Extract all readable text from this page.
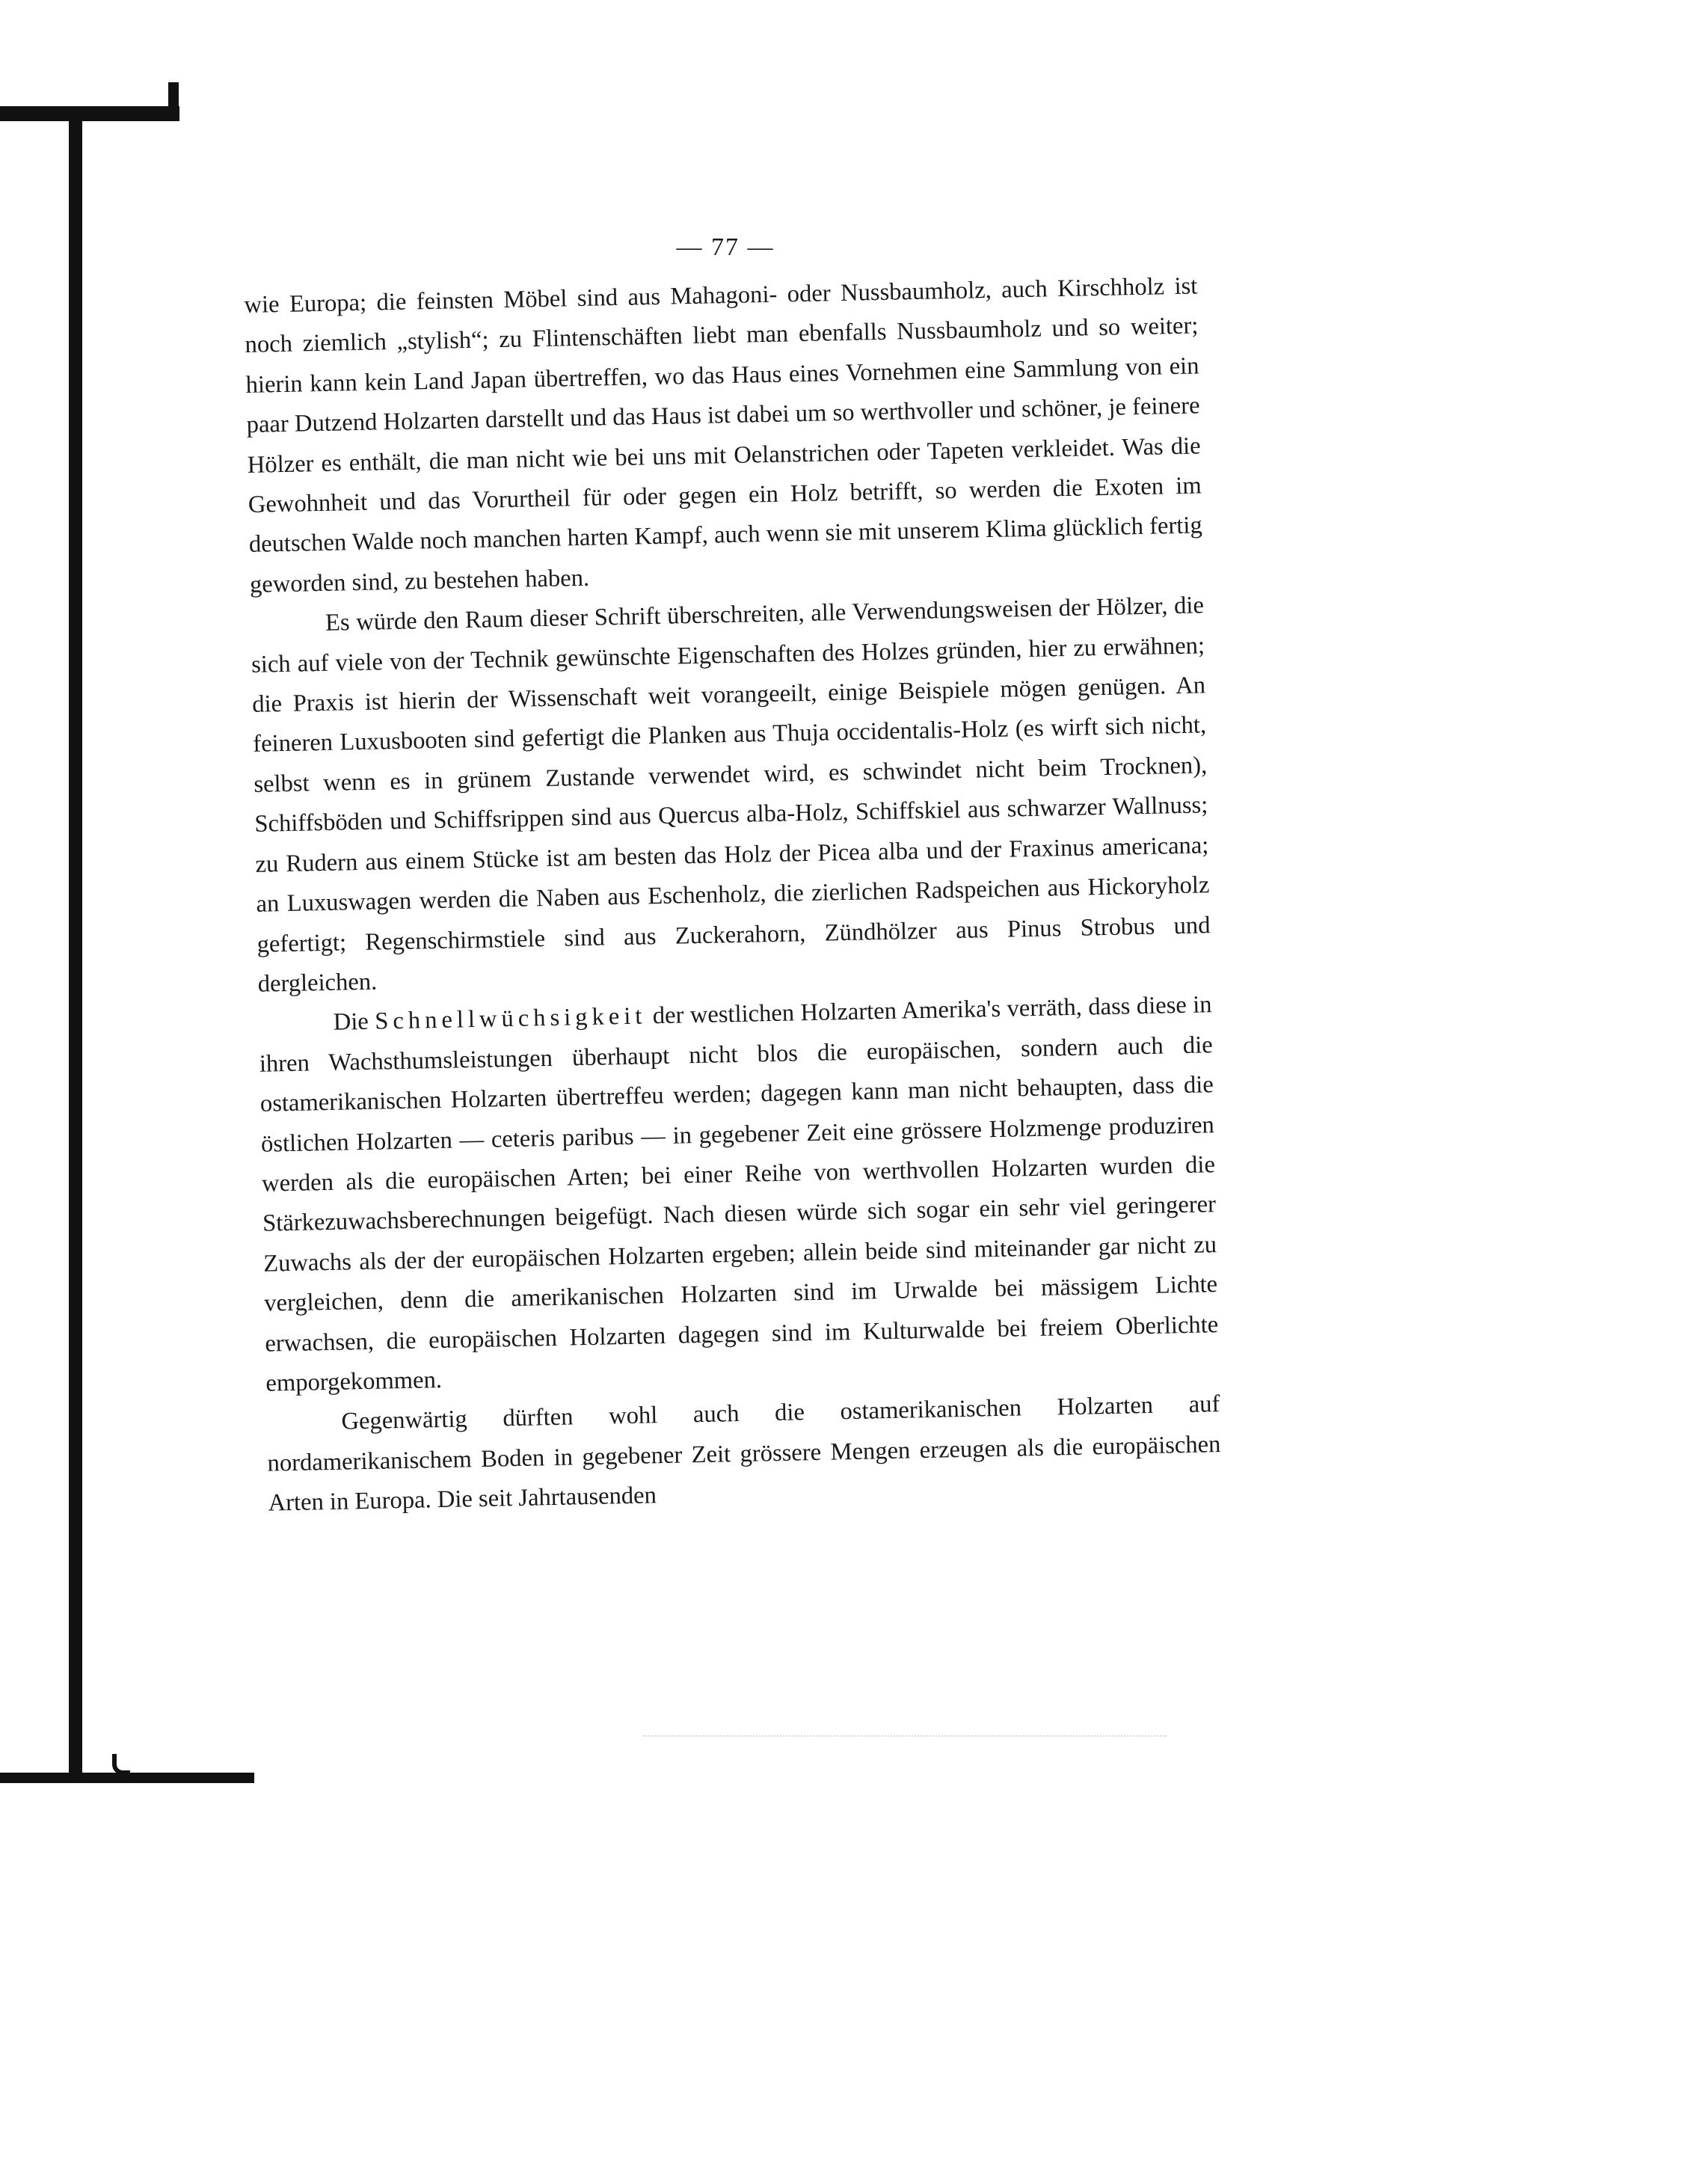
— 77 —

wie Europa; die feinsten Möbel sind aus Mahagoni- oder Nussbaumholz, auch Kirschholz ist noch ziemlich „stylish“; zu Flintenschäften liebt man ebenfalls Nussbaumholz und so weiter; hierin kann kein Land Japan übertreffen, wo das Haus eines Vornehmen eine Sammlung von ein paar Dutzend Holzarten darstellt und das Haus ist dabei um so werthvoller und schöner, je feinere Hölzer es enthält, die man nicht wie bei uns mit Oelanstrichen oder Tapeten verkleidet. Was die Gewohnheit und das Vorurtheil für oder gegen ein Holz betrifft, so werden die Exoten im deutschen Walde noch manchen harten Kampf, auch wenn sie mit unserem Klima glücklich fertig geworden sind, zu bestehen haben.

Es würde den Raum dieser Schrift überschreiten, alle Verwendungsweisen der Hölzer, die sich auf viele von der Technik gewünschte Eigenschaften des Holzes gründen, hier zu erwähnen; die Praxis ist hierin der Wissenschaft weit vorangeeilt, einige Beispiele mögen genügen. An feineren Luxusbooten sind gefertigt die Planken aus Thuja occidentalis-Holz (es wirft sich nicht, selbst wenn es in grünem Zustande verwendet wird, es schwindet nicht beim Trocknen), Schiffsböden und Schiffsrippen sind aus Quercus alba-Holz, Schiffskiel aus schwarzer Wallnuss; zu Rudern aus einem Stücke ist am besten das Holz der Picea alba und der Fraxinus americana; an Luxuswagen werden die Naben aus Eschenholz, die zierlichen Radspeichen aus Hickoryholz gefertigt; Regenschirmstiele sind aus Zuckerahorn, Zündhölzer aus Pinus Strobus und dergleichen.

Die Schnellwüchsigkeit der westlichen Holzarten Amerika's verräth, dass diese in ihren Wachsthumsleistungen überhaupt nicht blos die europäischen, sondern auch die ostamerikanischen Holzarten übertreffeu werden; dagegen kann man nicht behaupten, dass die östlichen Holzarten — ceteris paribus — in gegebener Zeit eine grössere Holzmenge produziren werden als die europäischen Arten; bei einer Reihe von werthvollen Holzarten wurden die Stärkezuwachsberechnungen beigefügt. Nach diesen würde sich sogar ein sehr viel geringerer Zuwachs als der der europäischen Holzarten ergeben; allein beide sind miteinander gar nicht zu vergleichen, denn die amerikanischen Holzarten sind im Urwalde bei mässigem Lichte erwachsen, die europäischen Holzarten dagegen sind im Kulturwalde bei freiem Oberlichte emporgekommen.

Gegenwärtig dürften wohl auch die ostamerikanischen Holzarten auf nordamerikanischem Boden in gegebener Zeit grössere Mengen erzeugen als die europäischen Arten in Europa. Die seit Jahrtausenden
